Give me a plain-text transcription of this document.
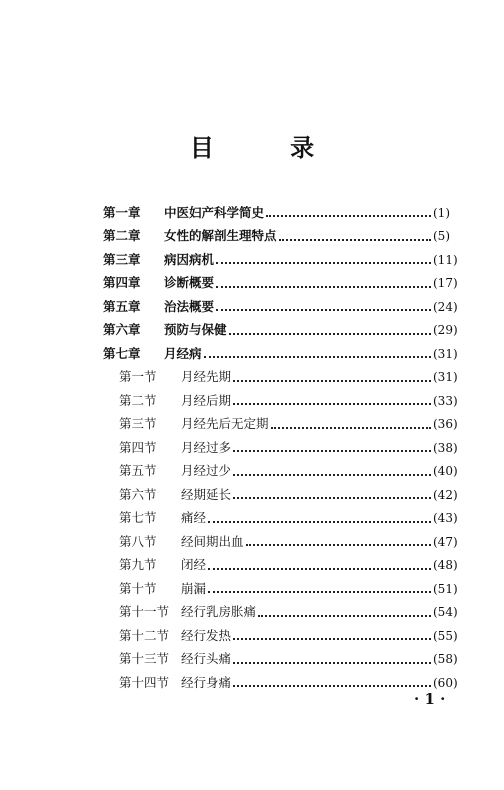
目 录
第一章 中医妇产科学简史	(1)
第二章 女性的解剖生理特点	(5)
第三章 病因病机	(11)
第四章 诊断概要	(17)
第五章 治法概要	(24)
第六章 预防与保健	(29)
第七章 月经病	(31)
第一节 月经先期	(31)
第二节 月经后期	(33)
第三节 月经先后无定期	(36)
第四节 月经过多	(38)
第五节 月经过少	(40)
第六节 经期延长	(42)
第七节 痛经	(43)
第八节 经间期出血	(47)
第九节 闭经	(48)
第十节 崩漏	(51)
第十一节 经行乳房胀痛	(54)
第十二节 经行发热	(55)
第十三节 经行头痛	(58)
第十四节 经行身痛	(60)
· 1 ·
